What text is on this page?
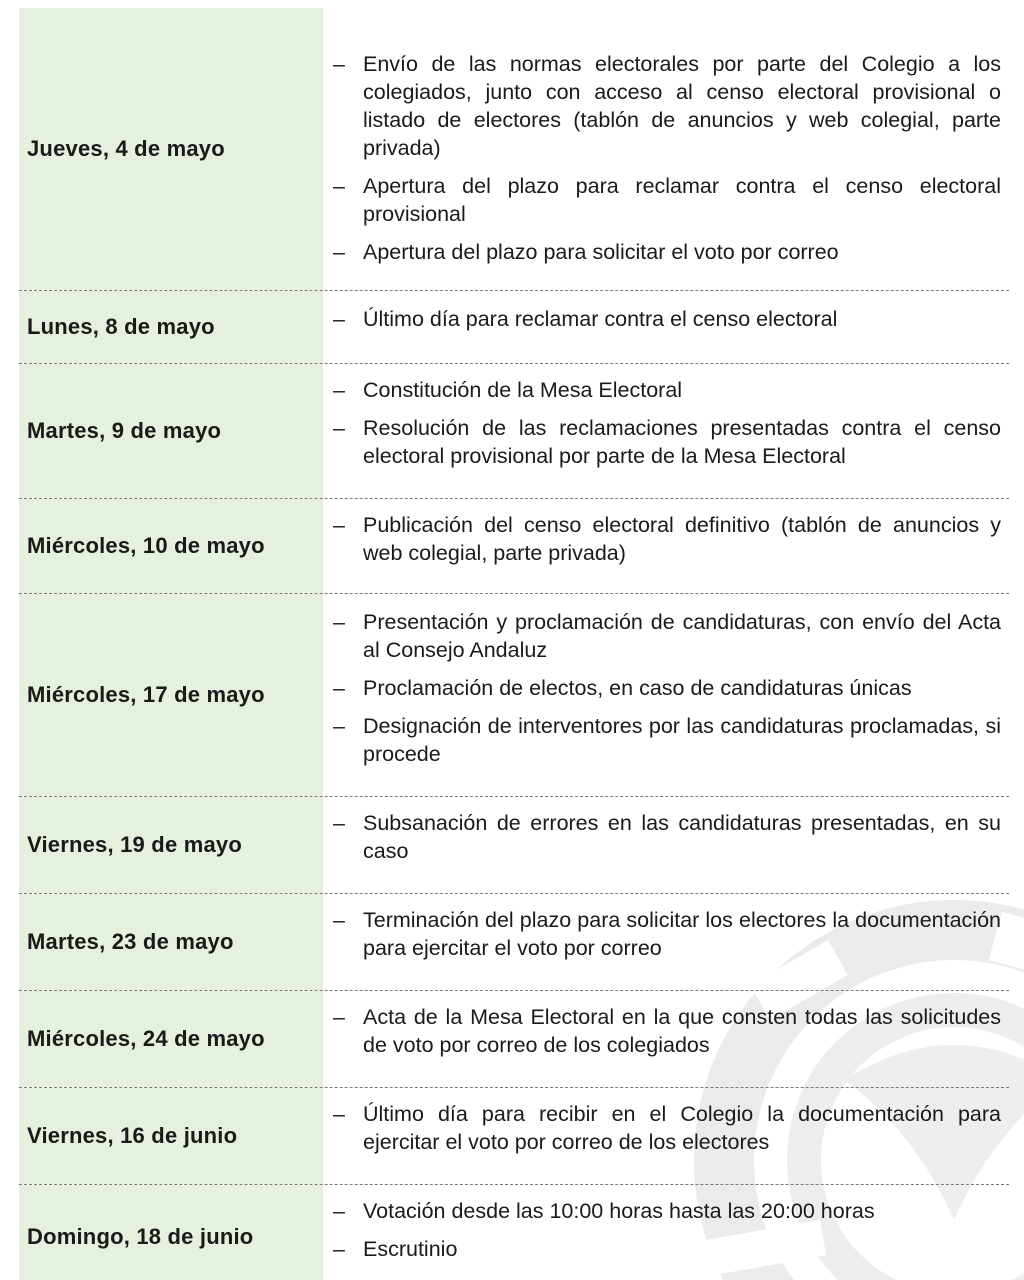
Jueves, 4 de mayo
– Envío de las normas electorales por parte del Colegio a los colegiados, junto con acceso al censo electoral provisional o listado de electores (tablón de anuncios y web colegial, parte privada)
– Apertura del plazo para reclamar contra el censo electoral provisional
– Apertura del plazo para solicitar el voto por correo
Lunes, 8 de mayo	– Último día para reclamar contra el censo electoral
Martes, 9 de mayo
– Constitución de la Mesa Electoral
– Resolución de las reclamaciones presentadas contra el censo electoral provisional por parte de la Mesa Electoral
Miércoles, 10 de mayo
– Publicación del censo electoral definitivo (tablón de anuncios y web colegial, parte privada)
Miércoles, 17 de mayo
– Presentación y proclamación de candidaturas, con envío del Acta al Consejo Andaluz
– Proclamación de electos, en caso de candidaturas únicas
– Designación de interventores por las candidaturas proclamadas, si procede
Viernes, 19 de mayo
– Subsanación de errores en las candidaturas presentadas, en su caso
Martes, 23 de mayo
– Terminación del plazo para solicitar los electores la documentación para ejercitar el voto por correo
Miércoles, 24 de mayo
– Acta de la Mesa Electoral en la que consten todas las solicitudes de voto por correo de los colegiados
Viernes, 16 de junio
– Último día para recibir en el Colegio la documentación para ejercitar el voto por correo de los electores
Domingo, 18 de junio
– Votación desde las 10:00 horas hasta las 20:00 horas
– Escrutinio
